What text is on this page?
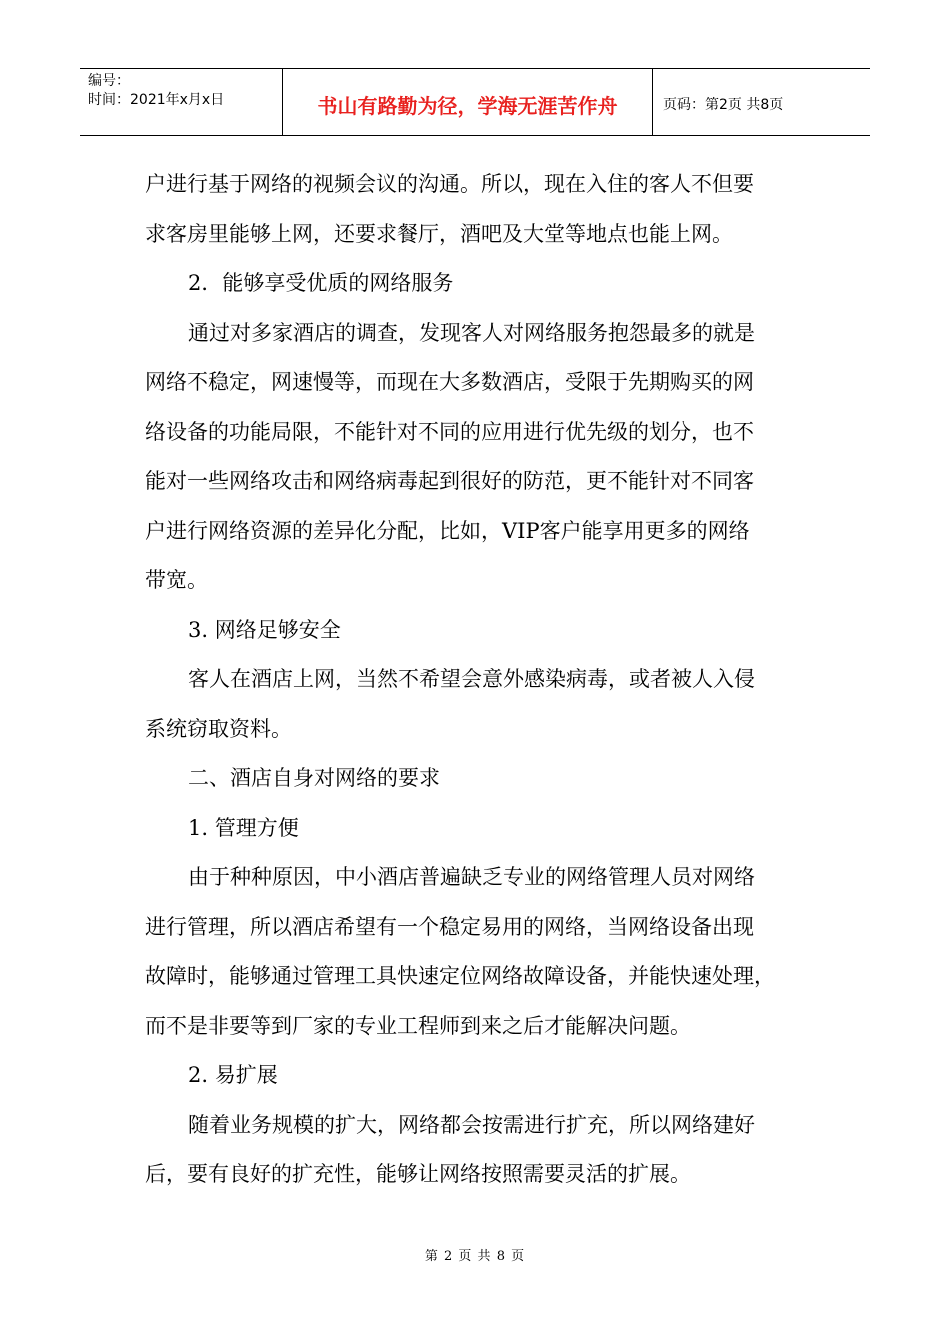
编号：
时间：2021年x月x日	书山有路勤为径，学海无涯苦作舟	页码：第2页 共8页
户进行基于网络的视频会议的沟通。所以，现在入住的客人不但要
求客房里能够上网，还要求餐厅，酒吧及大堂等地点也能上网。
2．能够享受优质的网络服务
通过对多家酒店的调查，发现客人对网络服务抱怨最多的就是
网络不稳定，网速慢等，而现在大多数酒店，受限于先期购买的网
络设备的功能局限，不能针对不同的应用进行优先级的划分，也不
能对一些网络攻击和网络病毒起到很好的防范，更不能针对不同客
户进行网络资源的差异化分配，比如，VIP客户能享用更多的网络
带宽。
3. 网络足够安全
客人在酒店上网，当然不希望会意外感染病毒，或者被人入侵
系统窃取资料。
二、酒店自身对网络的要求
1. 管理方便
由于种种原因，中小酒店普遍缺乏专业的网络管理人员对网络
进行管理，所以酒店希望有一个稳定易用的网络，当网络设备出现
故障时，能够通过管理工具快速定位网络故障设备，并能快速处理，
而不是非要等到厂家的专业工程师到来之后才能解决问题。
2. 易扩展
随着业务规模的扩大，网络都会按需进行扩充，所以网络建好
后，要有良好的扩充性，能够让网络按照需要灵活的扩展。
第 2 页 共 8 页
